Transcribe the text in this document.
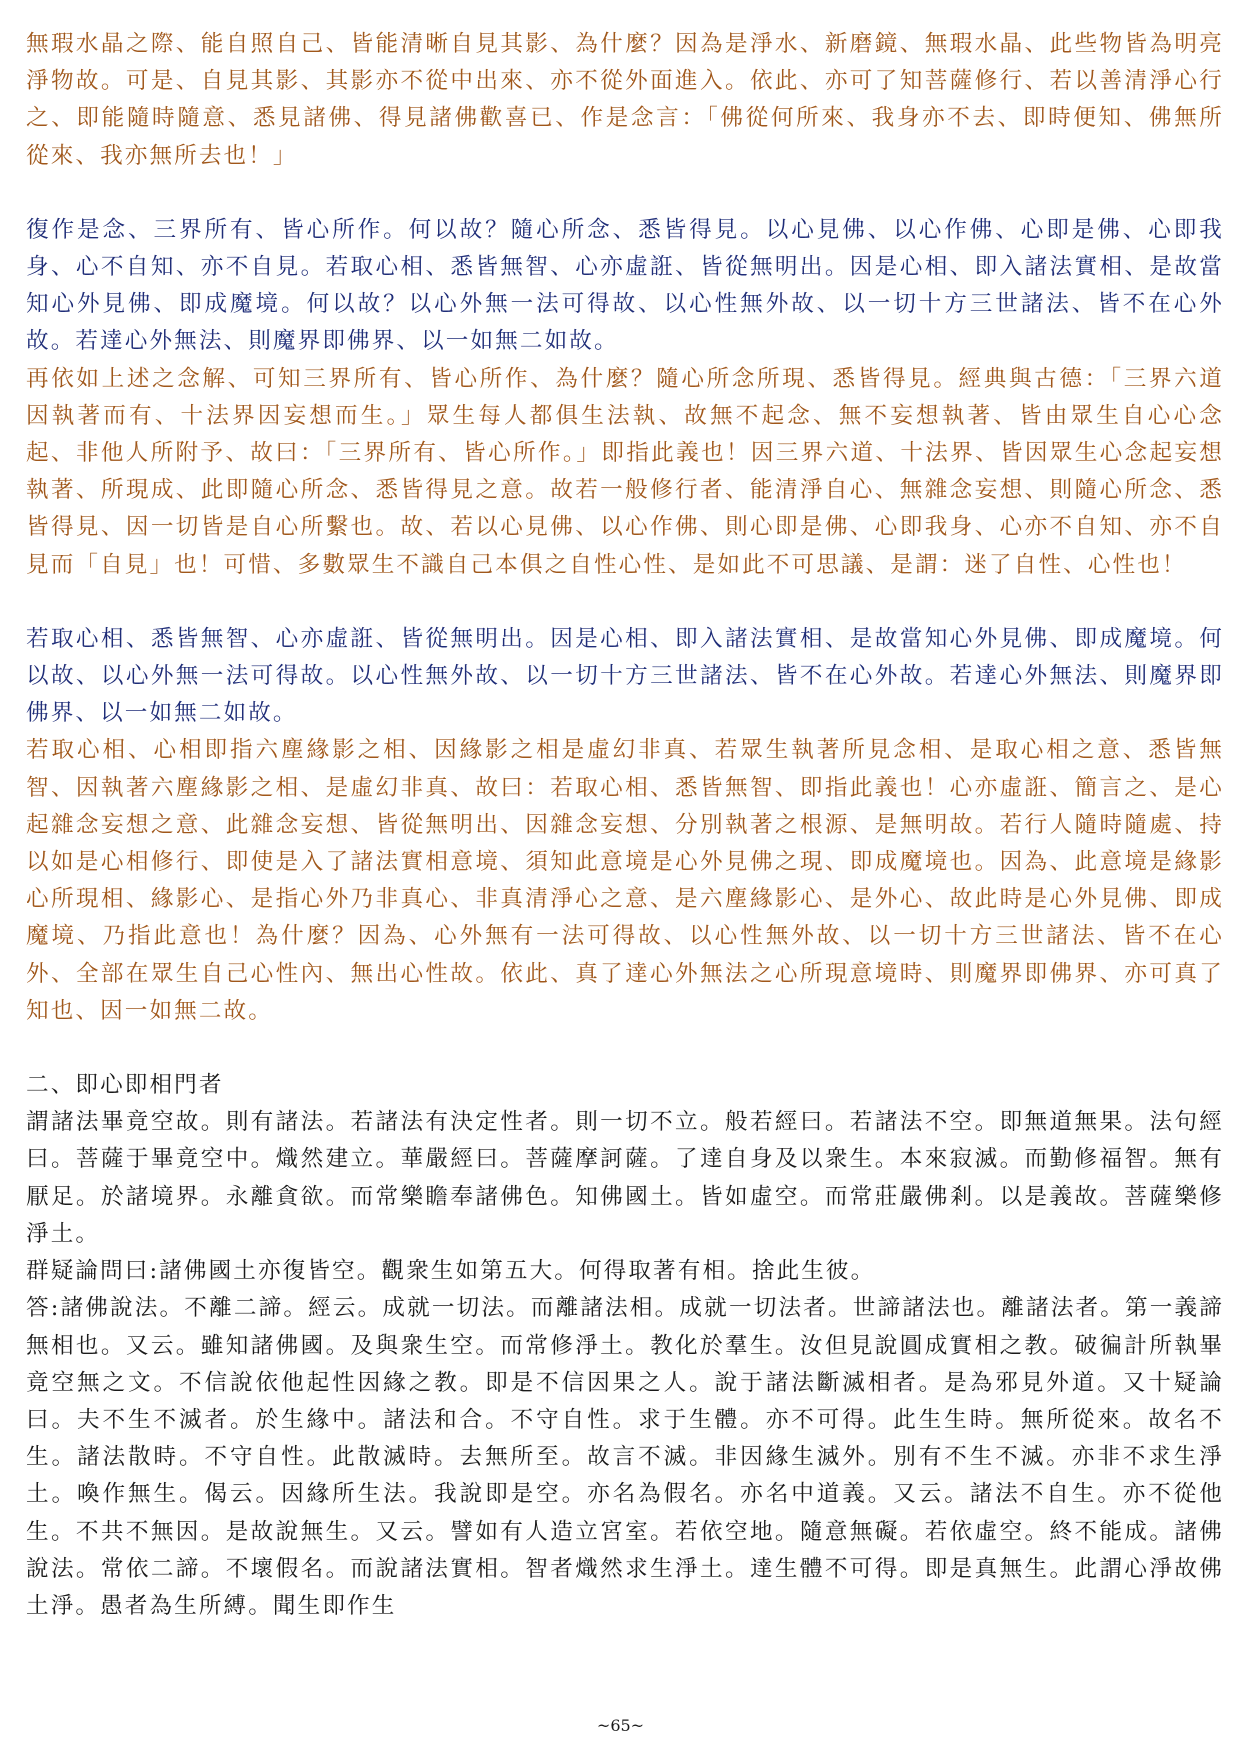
無瑕水晶之際、能自照自己、皆能清晰自見其影、為什麼？因為是淨水、新磨鏡、無瑕水晶、此些物皆為明亮淨物故。可是、自見其影、其影亦不從中出來、亦不從外面進入。依此、亦可了知菩薩修行、若以善清淨心行之、即能隨時隨意、悉見諸佛、得見諸佛歡喜已、作是念言：「佛從何所來、我身亦不去、即時便知、佛無所從來、我亦無所去也！」

復作是念、三界所有、皆心所作。何以故？隨心所念、悉皆得見。以心見佛、以心作佛、心即是佛、心即我身、心不自知、亦不自見。若取心相、悉皆無智、心亦虛誑、皆從無明出。因是心相、即入諸法實相、是故當知心外見佛、即成魔境。何以故？以心外無一法可得故、以心性無外故、以一切十方三世諸法、皆不在心外故。若達心外無法、則魔界即佛界、以一如無二如故。

再依如上述之念解、可知三界所有、皆心所作、為什麼？隨心所念所現、悉皆得見。經典與古德：「三界六道因執著而有、十法界因妄想而生。」眾生每人都俱生法執、故無不起念、無不妄想執著、皆由眾生自心心念起、非他人所附予、故曰：「三界所有、皆心所作。」即指此義也！因三界六道、十法界、皆因眾生心念起妄想執著、所現成、此即隨心所念、悉皆得見之意。故若一般修行者、能清淨自心、無雜念妄想、則隨心所念、悉皆得見、因一切皆是自心所繫也。故、若以心見佛、以心作佛、則心即是佛、心即我身、心亦不自知、亦不自見而「自見」也！可惜、多數眾生不識自己本俱之自性心性、是如此不可思議、是謂：迷了自性、心性也！

若取心相、悉皆無智、心亦虛誑、皆從無明出。因是心相、即入諸法實相、是故當知心外見佛、即成魔境。何以故、以心外無一法可得故。以心性無外故、以一切十方三世諸法、皆不在心外故。若達心外無法、則魔界即佛界、以一如無二如故。

若取心相、心相即指六塵緣影之相、因緣影之相是虛幻非真、若眾生執著所見念相、是取心相之意、悉皆無智、因執著六塵緣影之相、是虛幻非真、故曰：若取心相、悉皆無智、即指此義也！心亦虛誑、簡言之、是心起雜念妄想之意、此雜念妄想、皆從無明出、因雜念妄想、分別執著之根源、是無明故。若行人隨時隨處、持以如是心相修行、即使是入了諸法實相意境、須知此意境是心外見佛之現、即成魔境也。因為、此意境是緣影心所現相、緣影心、是指心外乃非真心、非真清淨心之意、是六塵緣影心、是外心、故此時是心外見佛、即成魔境、乃指此意也！為什麼？因為、心外無有一法可得故、以心性無外故、以一切十方三世諸法、皆不在心外、全部在眾生自己心性內、無出心性故。依此、真了達心外無法之心所現意境時、則魔界即佛界、亦可真了知也、因一如無二故。

二、即心即相門者

謂諸法畢竟空故。則有諸法。若諸法有決定性者。則一切不立。般若經曰。若諸法不空。即無道無果。法句經曰。菩薩于畢竟空中。熾然建立。華嚴經曰。菩薩摩訶薩。了達自身及以衆生。本來寂滅。而勤修福智。無有厭足。於諸境界。永離貪欲。而常樂瞻奉諸佛色。知佛國土。皆如虛空。而常莊嚴佛剎。以是義故。菩薩樂修淨土。

群疑論問曰:諸佛國土亦復皆空。觀衆生如第五大。何得取著有相。捨此生彼。

答:諸佛說法。不離二諦。經云。成就一切法。而離諸法相。成就一切法者。世諦諸法也。離諸法者。第一義諦無相也。又云。雖知諸佛國。及與衆生空。而常修淨土。教化於羣生。汝但見說圓成實相之教。破徧計所執畢竟空無之文。不信說依他起性因緣之教。即是不信因果之人。說于諸法斷滅相者。是為邪見外道。又十疑論曰。夫不生不滅者。於生緣中。諸法和合。不守自性。求于生體。亦不可得。此生生時。無所從來。故名不生。諸法散時。不守自性。此散滅時。去無所至。故言不滅。非因緣生滅外。別有不生不滅。亦非不求生淨土。喚作無生。偈云。因緣所生法。我說即是空。亦名為假名。亦名中道義。又云。諸法不自生。亦不從他生。不共不無因。是故說無生。又云。譬如有人造立宮室。若依空地。隨意無礙。若依虛空。終不能成。諸佛說法。常依二諦。不壞假名。而說諸法實相。智者熾然求生淨土。達生體不可得。即是真無生。此謂心淨故佛土淨。愚者為生所縛。聞生即作生

~65~
